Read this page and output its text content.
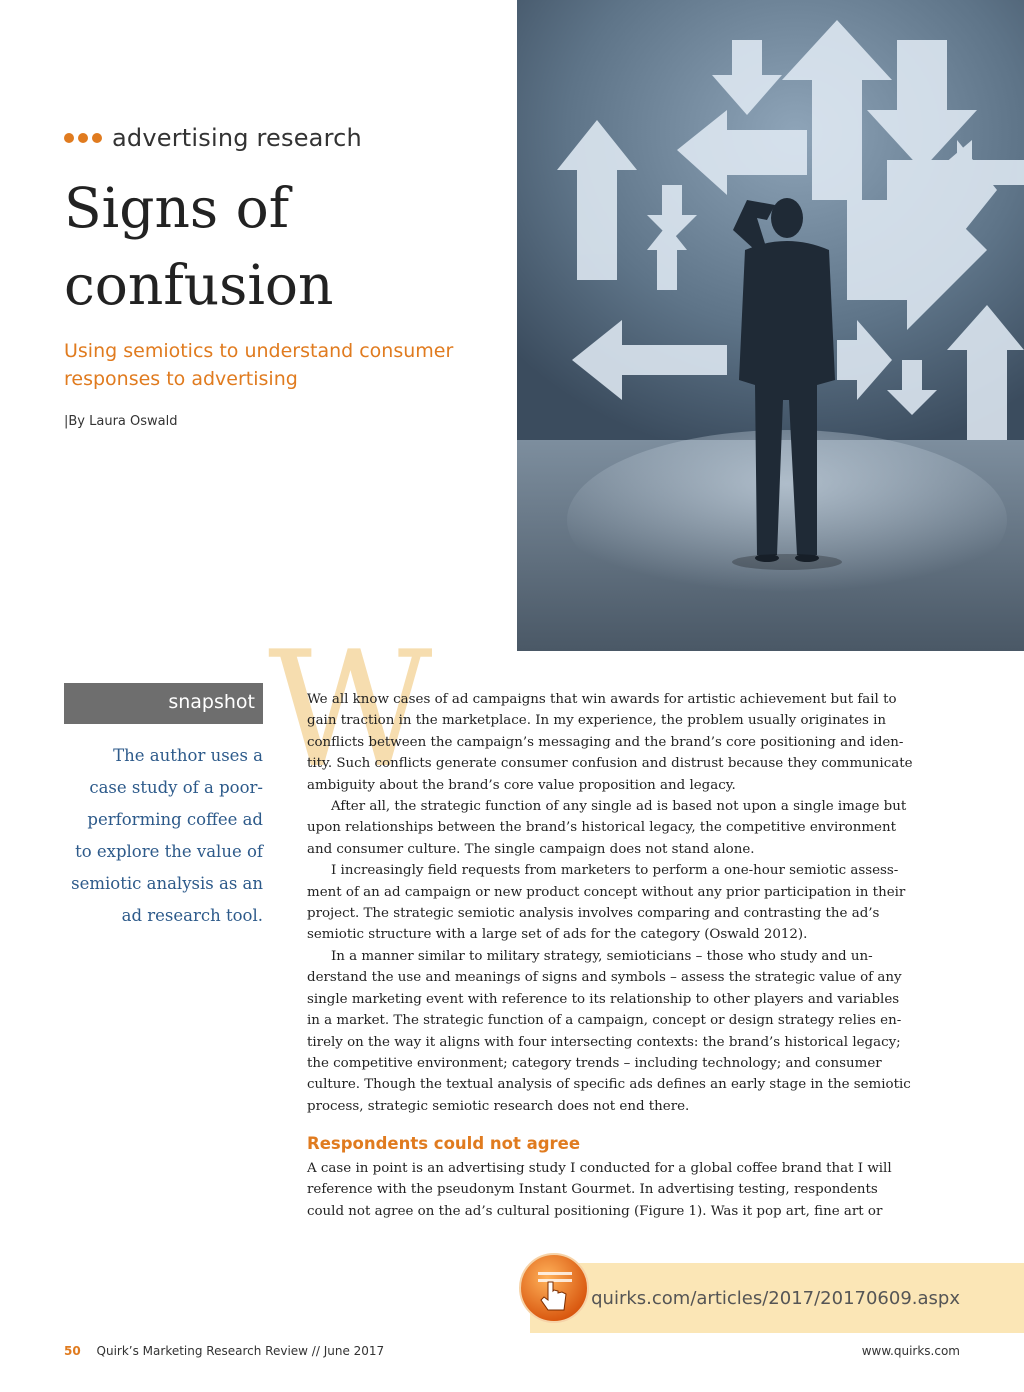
advertising research
Signs of
confusion

Using semiotics to understand consumer
responses to advertising

|By Laura Oswald
snapshot
The author uses a
case study of a poor-
performing coffee ad
to explore the value of
semiotic analysis as an
ad research tool.
W
We all know cases of ad campaigns that win awards for artistic achievement but fail to
gain traction in the marketplace. In my experience, the problem usually originates in
conflicts between the campaign’s messaging and the brand’s core positioning and iden-
tity. Such conflicts generate consumer confusion and distrust because they communicate
ambiguity about the brand’s core value proposition and legacy.
After all, the strategic function of any single ad is based not upon a single image but
upon relationships between the brand’s historical legacy, the competitive environment
and consumer culture. The single campaign does not stand alone.
I increasingly field requests from marketers to perform a one-hour semiotic assess-
ment of an ad campaign or new product concept without any prior participation in their
project. The strategic semiotic analysis involves comparing and contrasting the ad’s
semiotic structure with a large set of ads for the category (Oswald 2012).
In a manner similar to military strategy, semioticians – those who study and un-
derstand the use and meanings of signs and symbols – assess the strategic value of any
single marketing event with reference to its relationship to other players and variables
in a market. The strategic function of a campaign, concept or design strategy relies en-
tirely on the way it aligns with four intersecting contexts: the brand’s historical legacy;
the competitive environment; category trends – including technology; and consumer
culture. Though the textual analysis of specific ads defines an early stage in the semiotic
process, strategic semiotic research does not end there.
Respondents could not agree
A case in point is an advertising study I conducted for a global coffee brand that I will
reference with the pseudonym Instant Gourmet. In advertising testing, respondents
could not agree on the ad’s cultural positioning (Figure 1). Was it pop art, fine art or
quirks.com/articles/2017/20170609.aspx
50 Quirk’s Marketing Research Review // June 2017	www.quirks.com
